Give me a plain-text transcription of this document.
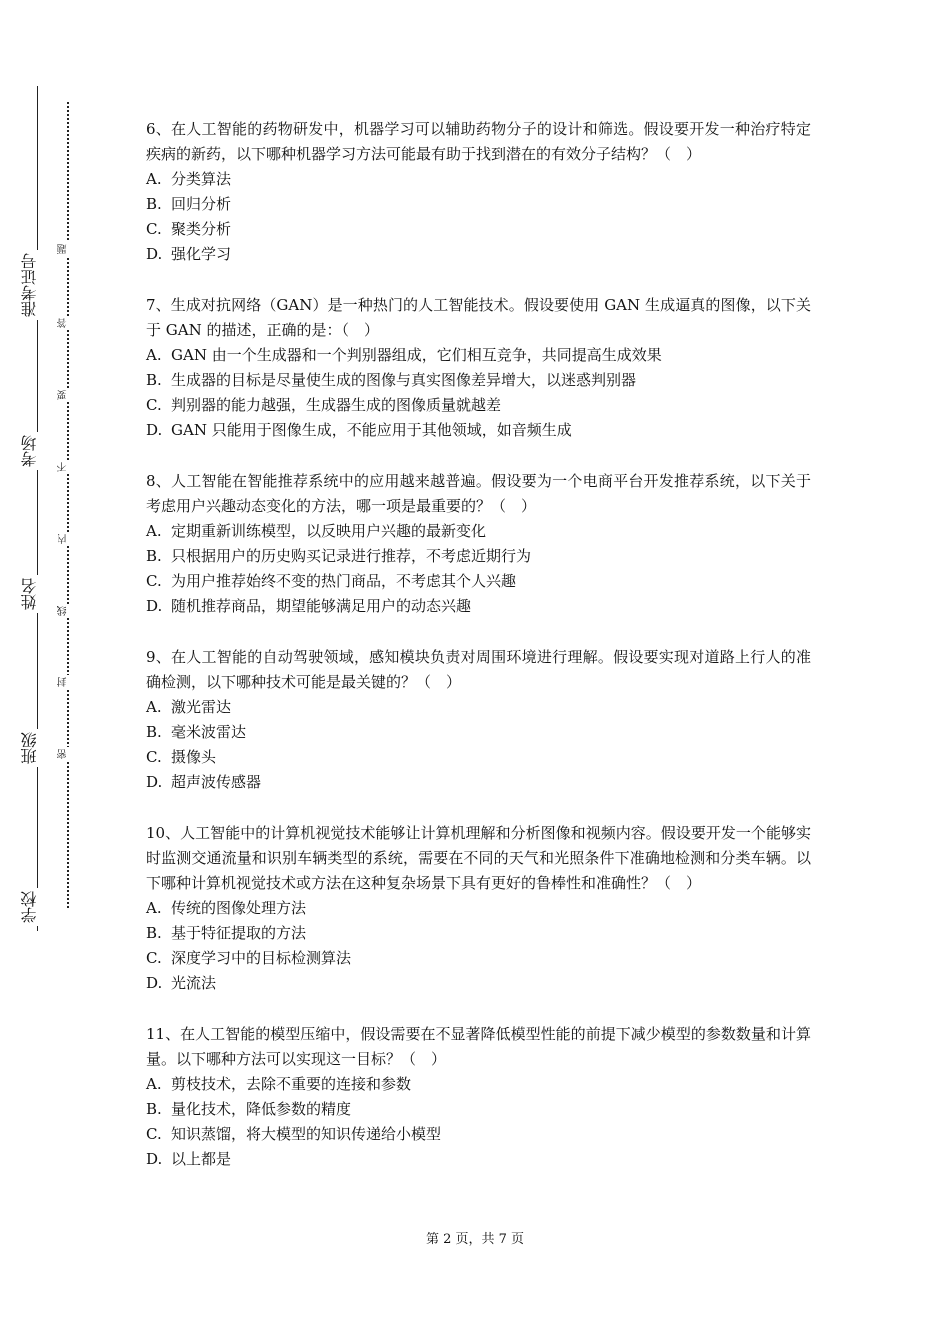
准考证号
考场
姓名
班级
学校
题
答
要
不
内
线
封
密

6、在人工智能的药物研发中，机器学习可以辅助药物分子的设计和筛选。假设要开发一种治疗特定疾病的新药，以下哪种机器学习方法可能最有助于找到潜在的有效分子结构？（　）

A. 分类算法

B. 回归分析

C. 聚类分析

D. 强化学习

7、生成对抗网络（GAN）是一种热门的人工智能技术。假设要使用 GAN 生成逼真的图像，以下关于 GAN 的描述，正确的是：（　）

A. GAN 由一个生成器和一个判别器组成，它们相互竞争，共同提高生成效果

B. 生成器的目标是尽量使生成的图像与真实图像差异增大，以迷惑判别器

C. 判别器的能力越强，生成器生成的图像质量就越差

D. GAN 只能用于图像生成，不能应用于其他领域，如音频生成

8、人工智能在智能推荐系统中的应用越来越普遍。假设要为一个电商平台开发推荐系统，以下关于考虑用户兴趣动态变化的方法，哪一项是最重要的？（　）

A. 定期重新训练模型，以反映用户兴趣的最新变化

B. 只根据用户的历史购买记录进行推荐，不考虑近期行为

C. 为用户推荐始终不变的热门商品，不考虑其个人兴趣

D. 随机推荐商品，期望能够满足用户的动态兴趣

9、在人工智能的自动驾驶领域，感知模块负责对周围环境进行理解。假设要实现对道路上行人的准确检测，以下哪种技术可能是最关键的？（　）

A. 激光雷达

B. 毫米波雷达

C. 摄像头

D. 超声波传感器

10、人工智能中的计算机视觉技术能够让计算机理解和分析图像和视频内容。假设要开发一个能够实时监测交通流量和识别车辆类型的系统，需要在不同的天气和光照条件下准确地检测和分类车辆。以下哪种计算机视觉技术或方法在这种复杂场景下具有更好的鲁棒性和准确性？（　）

A. 传统的图像处理方法

B. 基于特征提取的方法

C. 深度学习中的目标检测算法

D. 光流法

11、在人工智能的模型压缩中，假设需要在不显著降低模型性能的前提下减少模型的参数数量和计算量。以下哪种方法可以实现这一目标？（　）

A. 剪枝技术，去除不重要的连接和参数

B. 量化技术，降低参数的精度

C. 知识蒸馏，将大模型的知识传递给小模型

D. 以上都是

第 2 页，共 7 页
